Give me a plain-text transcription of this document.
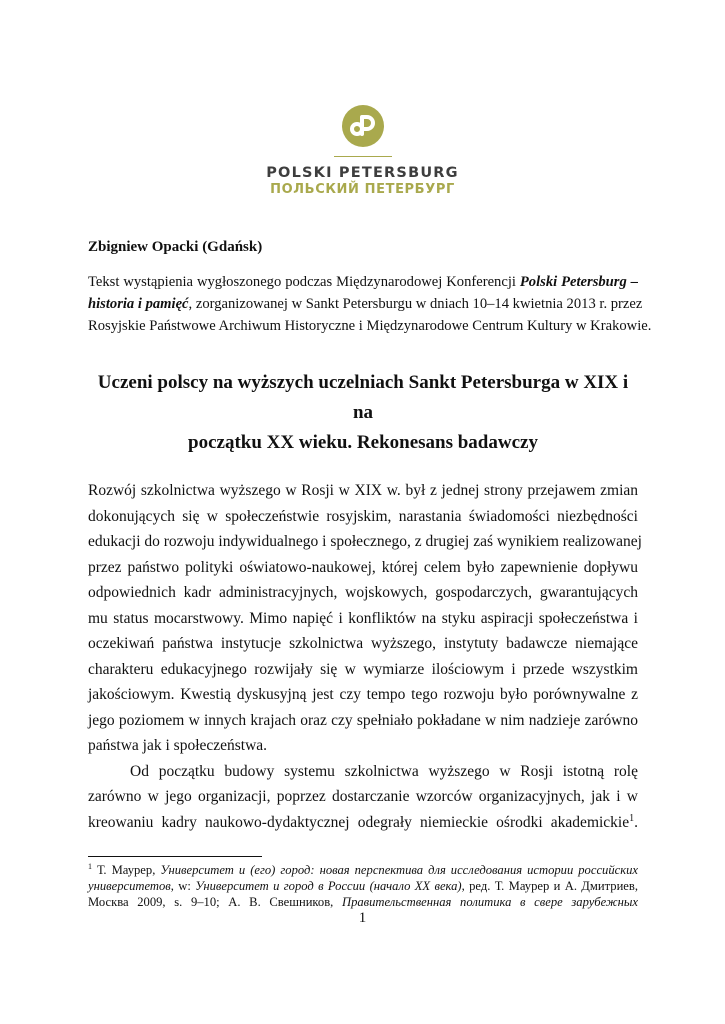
POLSKI PETERSBURG
ПОЛЬСКИЙ ПЕТЕРБУРГ
Zbigniew Opacki (Gdańsk)
Tekst wystąpienia wygłoszonego podczas Międzynarodowej Konferencji Polski Petersburg –
historia i pamięć, zorganizowanej w Sankt Petersburgu w dniach 10–14 kwietnia 2013 r. przez
Rosyjskie Państwowe Archiwum Historyczne i Międzynarodowe Centrum Kultury w Krakowie.
Uczeni polscy na wyższych uczelniach Sankt Petersburga w XIX i na
początku XX wieku. Rekonesans badawczy
Rozwój szkolnictwa wyższego w Rosji w XIX w. był z jednej strony przejawem zmian
dokonujących się w społeczeństwie rosyjskim, narastania świadomości niezbędności
edukacji do rozwoju indywidualnego i społecznego, z drugiej zaś wynikiem realizowanej
przez państwo polityki oświatowo-naukowej, której celem było zapewnienie dopływu
odpowiednich kadr administracyjnych, wojskowych, gospodarczych, gwarantujących
mu status mocarstwowy. Mimo napięć i konfliktów na styku aspiracji społeczeństwa i
oczekiwań państwa instytucje szkolnictwa wyższego, instytuty badawcze niemające
charakteru edukacyjnego rozwijały się w wymiarze ilościowym i przede wszystkim
jakościowym. Kwestią dyskusyjną jest czy tempo tego rozwoju było porównywalne z
jego poziomem w innych krajach oraz czy spełniało pokładane w nim nadzieje zarówno
państwa jak i społeczeństwa.
Od początku budowy systemu szkolnictwa wyższego w Rosji istotną rolę
zarówno w jego organizacji, poprzez dostarczanie wzorców organizacyjnych, jak i w
kreowaniu kadry naukowo-dydaktycznej odegrały niemieckie ośrodki akademickie$^1$.
$^1$ Т. Маурер, Университет и (его) город: новая перспектива для исследования истории российских
университетов, w: Университет и город в России (начало XX века), ред. Т. Маурер и А. Дмитриев,
Москва 2009, s. 9–10; А. В. Свешников, Правительственная политика в свере зарубежных
1
